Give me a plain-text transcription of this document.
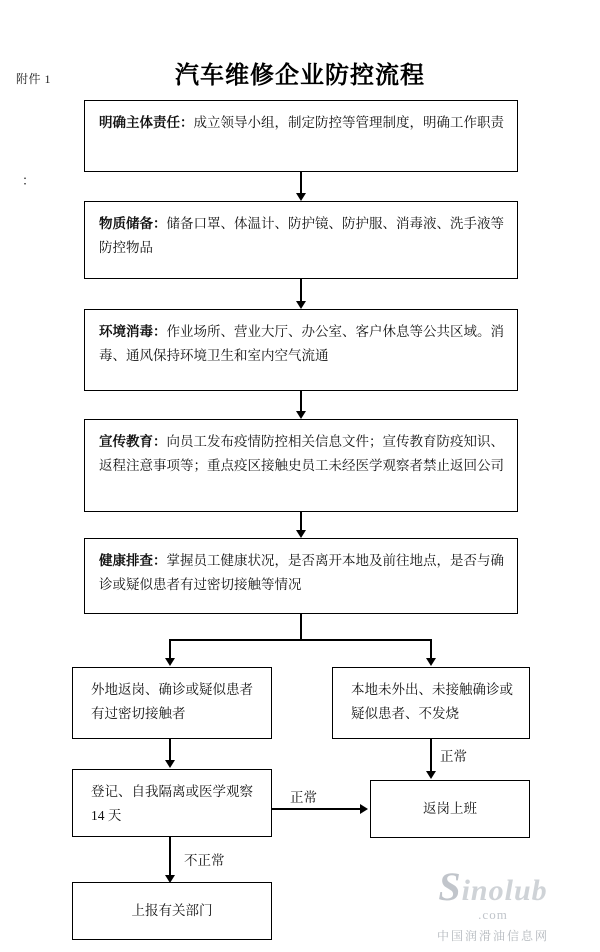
附件 1
：
汽车维修企业防控流程
明确主体责任：成立领导小组，制定防控等管理制度，明确工作职责
物质储备：储备口罩、体温计、防护镜、防护服、消毒液、洗手液等防控物品
环境消毒：作业场所、营业大厅、办公室、客户休息等公共区域。消毒、通风保持环境卫生和室内空气流通
宣传教育：向员工发布疫情防控相关信息文件；宣传教育防疫知识、返程注意事项等；重点疫区接触史员工未经医学观察者禁止返回公司
健康排查：掌握员工健康状况，是否离开本地及前往地点，是否与确诊或疑似患者有过密切接触等情况
外地返岗、确诊或疑似患者有过密切接触者
本地未外出、未接触确诊或疑似患者、不发烧
正常
登记、自我隔离或医学观察 14 天	返岗上班
正常
不正常
上报有关部门
Sinolub
.com
中国润滑油信息网
